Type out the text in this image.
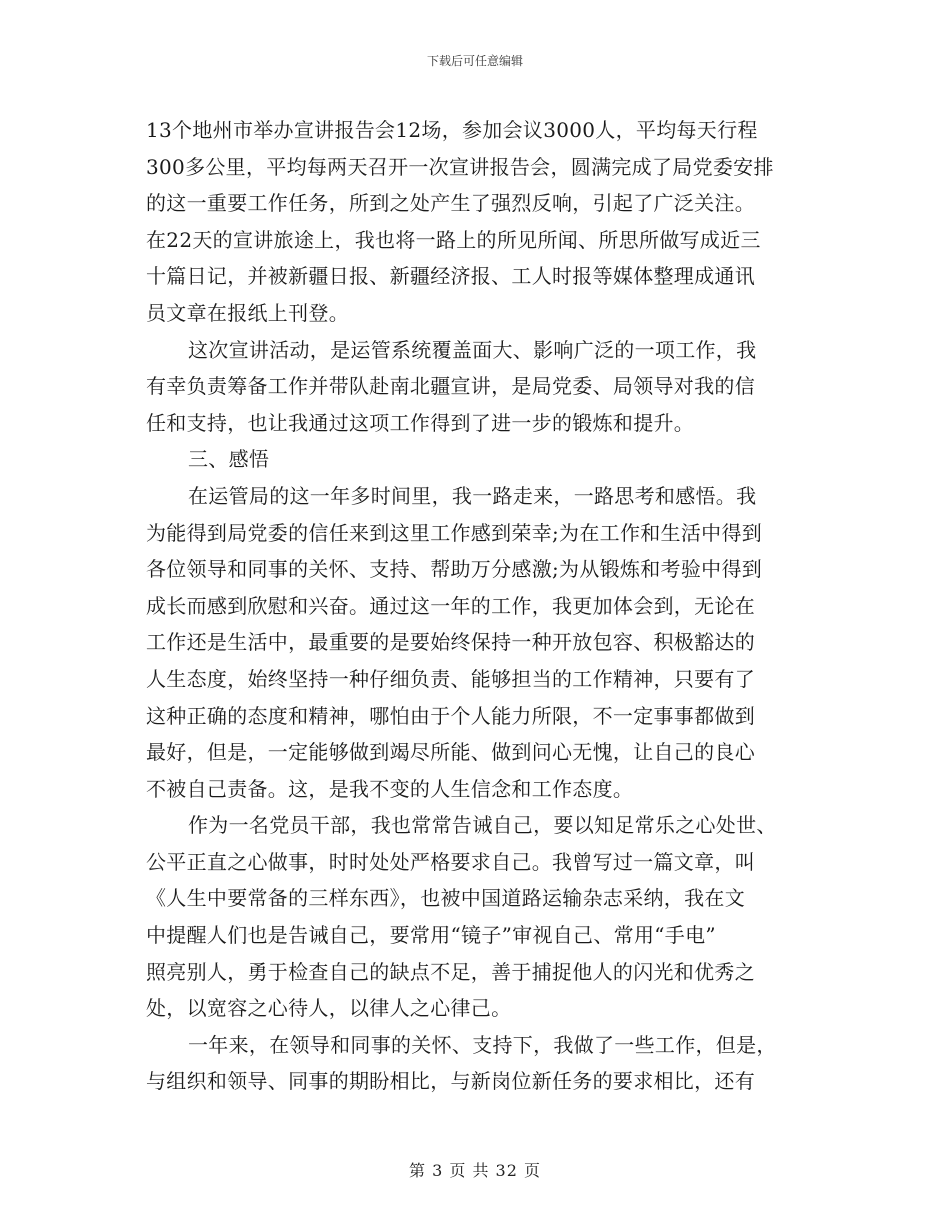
下载后可任意编辑
13个地州市举办宣讲报告会12场，参加会议3000人，平均每天行程
300多公里，平均每两天召开一次宣讲报告会，圆满完成了局党委安排
的这一重要工作任务，所到之处产生了强烈反响，引起了广泛关注。
在22天的宣讲旅途上，我也将一路上的所见所闻、所思所做写成近三
十篇日记，并被新疆日报、新疆经济报、工人时报等媒体整理成通讯
员文章在报纸上刊登。
这次宣讲活动，是运管系统覆盖面大、影响广泛的一项工作，我
有幸负责筹备工作并带队赴南北疆宣讲，是局党委、局领导对我的信
任和支持，也让我通过这项工作得到了进一步的锻炼和提升。
三、感悟
在运管局的这一年多时间里，我一路走来，一路思考和感悟。我
为能得到局党委的信任来到这里工作感到荣幸;为在工作和生活中得到
各位领导和同事的关怀、支持、帮助万分感激;为从锻炼和考验中得到
成长而感到欣慰和兴奋。通过这一年的工作，我更加体会到，无论在
工作还是生活中，最重要的是要始终保持一种开放包容、积极豁达的
人生态度，始终坚持一种仔细负责、能够担当的工作精神，只要有了
这种正确的态度和精神，哪怕由于个人能力所限，不一定事事都做到
最好，但是，一定能够做到竭尽所能、做到问心无愧，让自己的良心
不被自己责备。这，是我不变的人生信念和工作态度。
作为一名党员干部，我也常常告诫自己，要以知足常乐之心处世、
公平正直之心做事，时时处处严格要求自己。我曾写过一篇文章，叫
《人生中要常备的三样东西》，也被中国道路运输杂志采纳，我在文
中提醒人们也是告诫自己，要常用“镜子”审视自己、常用“手电”
照亮别人，勇于检查自己的缺点不足，善于捕捉他人的闪光和优秀之
处，以宽容之心待人，以律人之心律己。
一年来，在领导和同事的关怀、支持下，我做了一些工作，但是，
与组织和领导、同事的期盼相比，与新岗位新任务的要求相比，还有
第 3 页 共 32 页
